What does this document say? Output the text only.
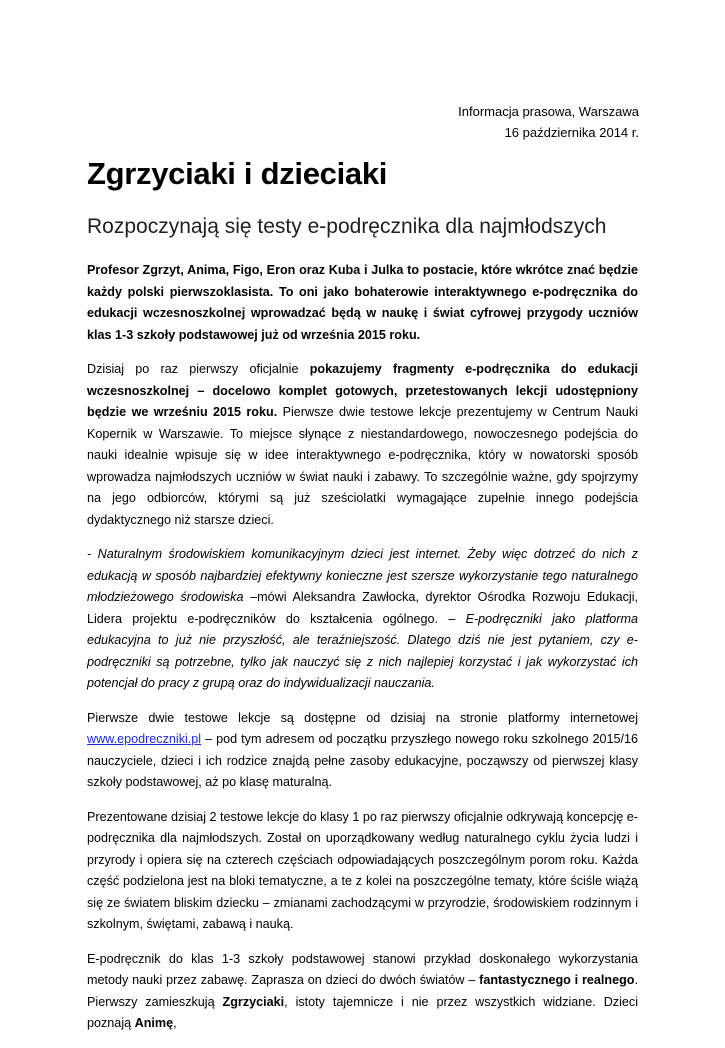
Informacja prasowa, Warszawa
16 października 2014 r.
Zgrzyciaki i dzieciaki
Rozpoczynają się testy e-podręcznika dla najmłodszych

Profesor Zgrzyt, Anima, Figo, Eron oraz Kuba i Julka to postacie, które wkrótce znać będzie każdy polski pierwszoklasista. To oni jako bohaterowie interaktywnego e-podręcznika do edukacji wczesnoszkolnej wprowadzać będą w naukę i świat cyfrowej przygody uczniów klas 1-3 szkoły podstawowej już od września 2015 roku.

Dzisiaj po raz pierwszy oficjalnie pokazujemy fragmenty e-podręcznika do edukacji wczesnoszkolnej – docelowo komplet gotowych, przetestowanych lekcji udostępniony będzie we wrześniu 2015 roku. Pierwsze dwie testowe lekcje prezentujemy w Centrum Nauki Kopernik w Warszawie. To miejsce słynące z niestandardowego, nowoczesnego podejścia do nauki idealnie wpisuje się w idee interaktywnego e-podręcznika, który w nowatorski sposób wprowadza najmłodszych uczniów w świat nauki i zabawy. To szczególnie ważne, gdy spojrzymy na jego odbiorców, którymi są już sześciolatki wymagające zupełnie innego podejścia dydaktycznego niż starsze dzieci.

- Naturalnym środowiskiem komunikacyjnym dzieci jest internet. Żeby więc dotrzeć do nich z edukacją w sposób najbardziej efektywny konieczne jest szersze wykorzystanie tego naturalnego młodzieżowego środowiska –mówi Aleksandra Zawłocka, dyrektor Ośrodka Rozwoju Edukacji, Lidera projektu e-podręczników do kształcenia ogólnego. – E-podręczniki jako platforma edukacyjna to już nie przyszłość, ale teraźniejszość. Dlatego dziś nie jest pytaniem, czy e-podręczniki są potrzebne, tylko jak nauczyć się z nich najlepiej korzystać i jak wykorzystać ich potencjał do pracy z grupą oraz do indywidualizacji nauczania.

Pierwsze dwie testowe lekcje są dostępne od dzisiaj na stronie platformy internetowej www.epodreczniki.pl – pod tym adresem od początku przyszłego nowego roku szkolnego 2015/16 nauczyciele, dzieci i ich rodzice znajdą pełne zasoby edukacyjne, począwszy od pierwszej klasy szkoły podstawowej, aż po klasę maturalną.

Prezentowane dzisiaj 2 testowe lekcje do klasy 1 po raz pierwszy oficjalnie odkrywają koncepcję e-podręcznika dla najmłodszych. Został on uporządkowany według naturalnego cyklu życia ludzi i przyrody i opiera się na czterech częściach odpowiadających poszczególnym porom roku. Każda część podzielona jest na bloki tematyczne, a te z kolei na poszczególne tematy, które ściśle wiążą się ze światem bliskim dziecku – zmianami zachodzącymi w przyrodzie, środowiskiem rodzinnym i szkolnym, świętami, zabawą i nauką.

E-podręcznik do klas 1-3 szkoły podstawowej stanowi przykład doskonałego wykorzystania metody nauki przez zabawę. Zaprasza on dzieci do dwóch światów – fantastycznego i realnego. Pierwszy zamieszkują Zgrzyciaki, istoty tajemnicze i nie przez wszystkich widziane. Dzieci poznają Animę,
